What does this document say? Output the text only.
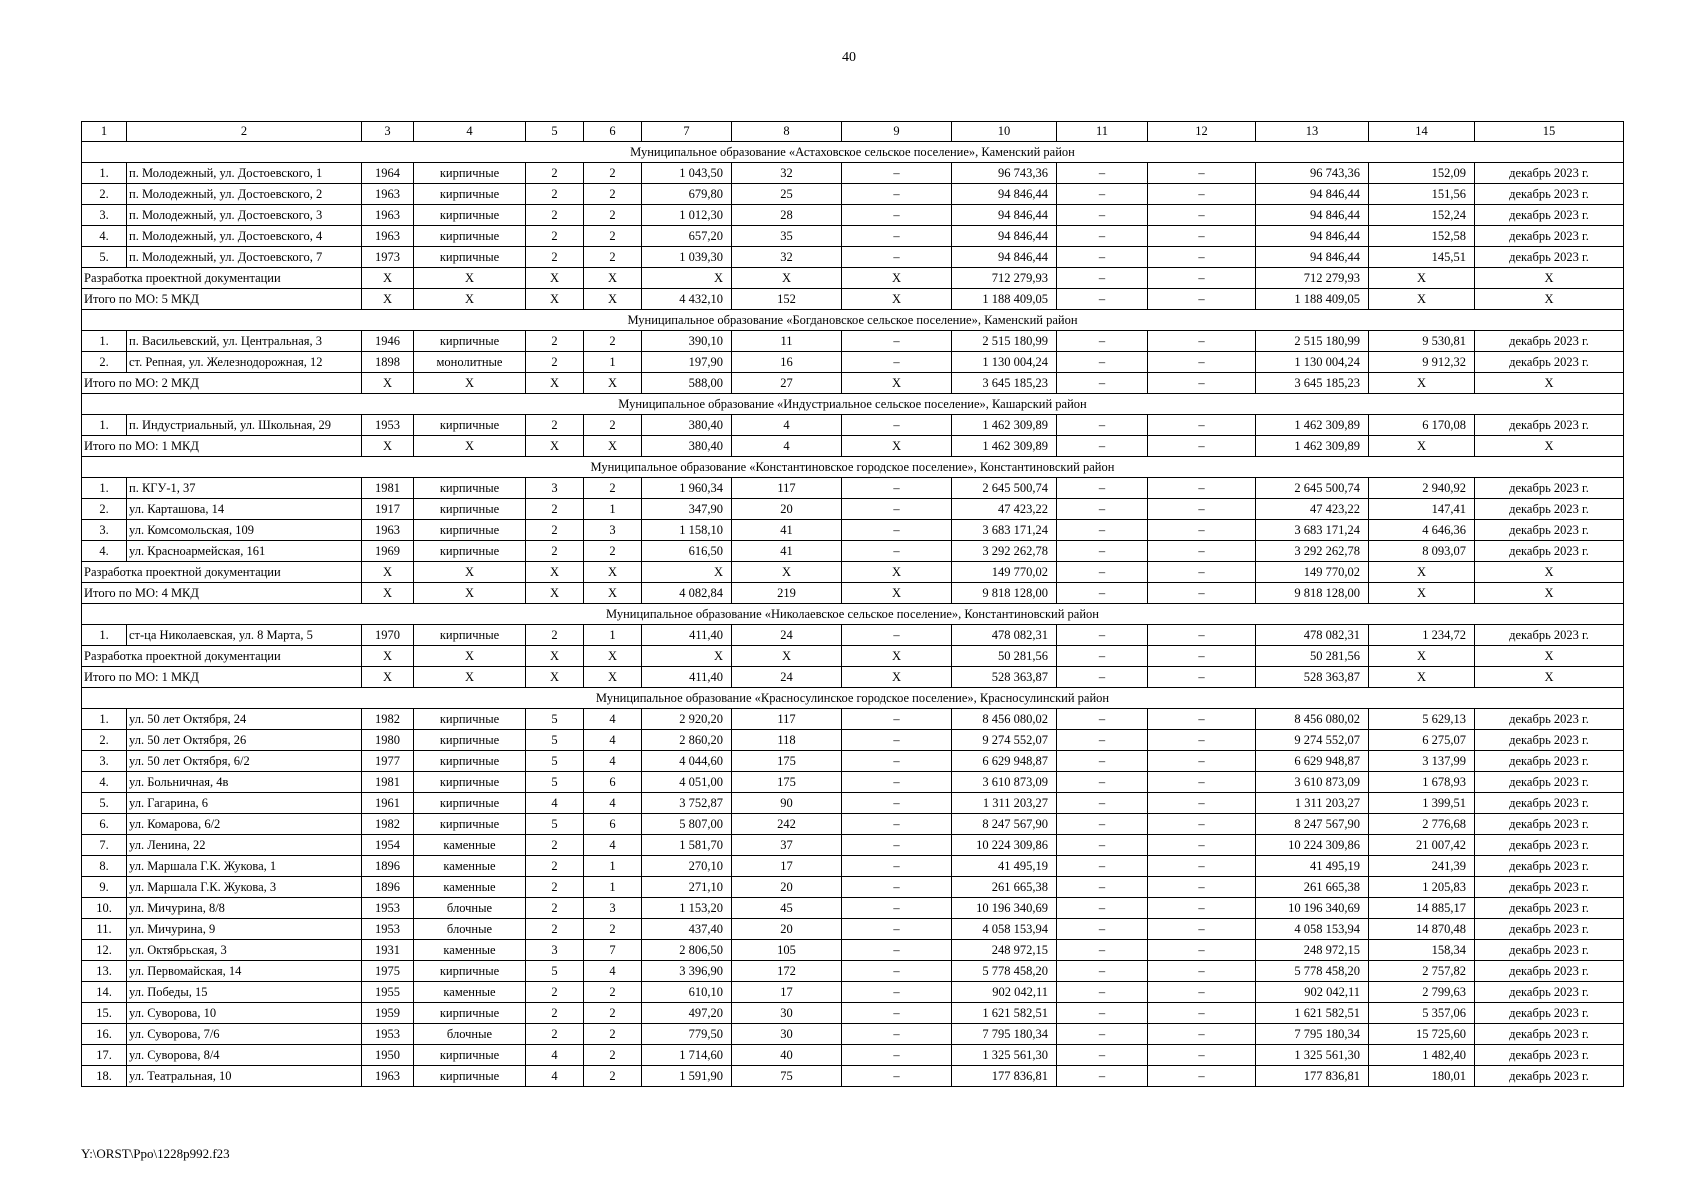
40
1	2	3	4	5	6	7	8	9	10	11	12	13	14	15
Муниципальное образование «Астаховское сельское поселение», Каменский район														
1.	п. Молодежный, ул. Достоевского, 1	1964	кирпичные	2	2	1 043,50	32	–	96 743,36	–	–	96 743,36	152,09	декабрь 2023 г.
2.	п. Молодежный, ул. Достоевского, 2	1963	кирпичные	2	2	679,80	25	–	94 846,44	–	–	94 846,44	151,56	декабрь 2023 г.
3.	п. Молодежный, ул. Достоевского, 3	1963	кирпичные	2	2	1 012,30	28	–	94 846,44	–	–	94 846,44	152,24	декабрь 2023 г.
4.	п. Молодежный, ул. Достоевского, 4	1963	кирпичные	2	2	657,20	35	–	94 846,44	–	–	94 846,44	152,58	декабрь 2023 г.
5.	п. Молодежный, ул. Достоевского, 7	1973	кирпичные	2	2	1 039,30	32	–	94 846,44	–	–	94 846,44	145,51	декабрь 2023 г.
Разработка проектной документации		X	X	X	X	X	X	X	712 279,93	–	–	712 279,93	X	X
Итого по МО: 5 МКД		X	X	X	X	4 432,10	152	X	1 188 409,05	–	–	1 188 409,05	X	X
Муниципальное образование «Богдановское сельское поселение», Каменский район														
1.	п. Васильевский, ул. Центральная, 3	1946	кирпичные	2	2	390,10	11	–	2 515 180,99	–	–	2 515 180,99	9 530,81	декабрь 2023 г.
2.	ст. Репная, ул. Железнодорожная, 12	1898	монолитные	2	1	197,90	16	–	1 130 004,24	–	–	1 130 004,24	9 912,32	декабрь 2023 г.
Итого по МО: 2 МКД		X	X	X	X	588,00	27	X	3 645 185,23	–	–	3 645 185,23	X	X
Муниципальное образование «Индустриальное сельское поселение», Кашарский район														
1.	п. Индустриальный, ул. Школьная, 29	1953	кирпичные	2	2	380,40	4	–	1 462 309,89	–	–	1 462 309,89	6 170,08	декабрь 2023 г.
Итого по МО: 1 МКД		X	X	X	X	380,40	4	X	1 462 309,89	–	–	1 462 309,89	X	X
Муниципальное образование «Константиновское городское поселение», Константиновский район														
1.	п. КГУ-1, 37	1981	кирпичные	3	2	1 960,34	117	–	2 645 500,74	–	–	2 645 500,74	2 940,92	декабрь 2023 г.
2.	ул. Карташова, 14	1917	кирпичные	2	1	347,90	20	–	47 423,22	–	–	47 423,22	147,41	декабрь 2023 г.
3.	ул. Комсомольская, 109	1963	кирпичные	2	3	1 158,10	41	–	3 683 171,24	–	–	3 683 171,24	4 646,36	декабрь 2023 г.
4.	ул. Красноармейская, 161	1969	кирпичные	2	2	616,50	41	–	3 292 262,78	–	–	3 292 262,78	8 093,07	декабрь 2023 г.
Разработка проектной документации		X	X	X	X	X	X	X	149 770,02	–	–	149 770,02	X	X
Итого по МО: 4 МКД		X	X	X	X	4 082,84	219	X	9 818 128,00	–	–	9 818 128,00	X	X
Муниципальное образование «Николаевское сельское поселение», Константиновский район														
1.	ст-ца Николаевская, ул. 8 Марта, 5	1970	кирпичные	2	1	411,40	24	–	478 082,31	–	–	478 082,31	1 234,72	декабрь 2023 г.
Разработка проектной документации		X	X	X	X	X	X	X	50 281,56	–	–	50 281,56	X	X
Итого по МО: 1 МКД		X	X	X	X	411,40	24	X	528 363,87	–	–	528 363,87	X	X
Муниципальное образование «Красносулинское городское поселение», Красносулинский район														
1.	ул. 50 лет Октября, 24	1982	кирпичные	5	4	2 920,20	117	–	8 456 080,02	–	–	8 456 080,02	5 629,13	декабрь 2023 г.
2.	ул. 50 лет Октября, 26	1980	кирпичные	5	4	2 860,20	118	–	9 274 552,07	–	–	9 274 552,07	6 275,07	декабрь 2023 г.
3.	ул. 50 лет Октября, 6/2	1977	кирпичные	5	4	4 044,60	175	–	6 629 948,87	–	–	6 629 948,87	3 137,99	декабрь 2023 г.
4.	ул. Больничная, 4в	1981	кирпичные	5	6	4 051,00	175	–	3 610 873,09	–	–	3 610 873,09	1 678,93	декабрь 2023 г.
5.	ул. Гагарина, 6	1961	кирпичные	4	4	3 752,87	90	–	1 311 203,27	–	–	1 311 203,27	1 399,51	декабрь 2023 г.
6.	ул. Комарова, 6/2	1982	кирпичные	5	6	5 807,00	242	–	8 247 567,90	–	–	8 247 567,90	2 776,68	декабрь 2023 г.
7.	ул. Ленина, 22	1954	каменные	2	4	1 581,70	37	–	10 224 309,86	–	–	10 224 309,86	21 007,42	декабрь 2023 г.
8.	ул. Маршала Г.К. Жукова, 1	1896	каменные	2	1	270,10	17	–	41 495,19	–	–	41 495,19	241,39	декабрь 2023 г.
9.	ул. Маршала Г.К. Жукова, 3	1896	каменные	2	1	271,10	20	–	261 665,38	–	–	261 665,38	1 205,83	декабрь 2023 г.
10.	ул. Мичурина, 8/8	1953	блочные	2	3	1 153,20	45	–	10 196 340,69	–	–	10 196 340,69	14 885,17	декабрь 2023 г.
11.	ул. Мичурина, 9	1953	блочные	2	2	437,40	20	–	4 058 153,94	–	–	4 058 153,94	14 870,48	декабрь 2023 г.
12.	ул. Октябрьская, 3	1931	каменные	3	7	2 806,50	105	–	248 972,15	–	–	248 972,15	158,34	декабрь 2023 г.
13.	ул. Первомайская, 14	1975	кирпичные	5	4	3 396,90	172	–	5 778 458,20	–	–	5 778 458,20	2 757,82	декабрь 2023 г.
14.	ул. Победы, 15	1955	каменные	2	2	610,10	17	–	902 042,11	–	–	902 042,11	2 799,63	декабрь 2023 г.
15.	ул. Суворова, 10	1959	кирпичные	2	2	497,20	30	–	1 621 582,51	–	–	1 621 582,51	5 357,06	декабрь 2023 г.
16.	ул. Суворова, 7/6	1953	блочные	2	2	779,50	30	–	7 795 180,34	–	–	7 795 180,34	15 725,60	декабрь 2023 г.
17.	ул. Суворова, 8/4	1950	кирпичные	4	2	1 714,60	40	–	1 325 561,30	–	–	1 325 561,30	1 482,40	декабрь 2023 г.
18.	ул. Театральная, 10	1963	кирпичные	4	2	1 591,90	75	–	177 836,81	–	–	177 836,81	180,01	декабрь 2023 г.
Y:\ORST\Ppo\1228p992.f23
